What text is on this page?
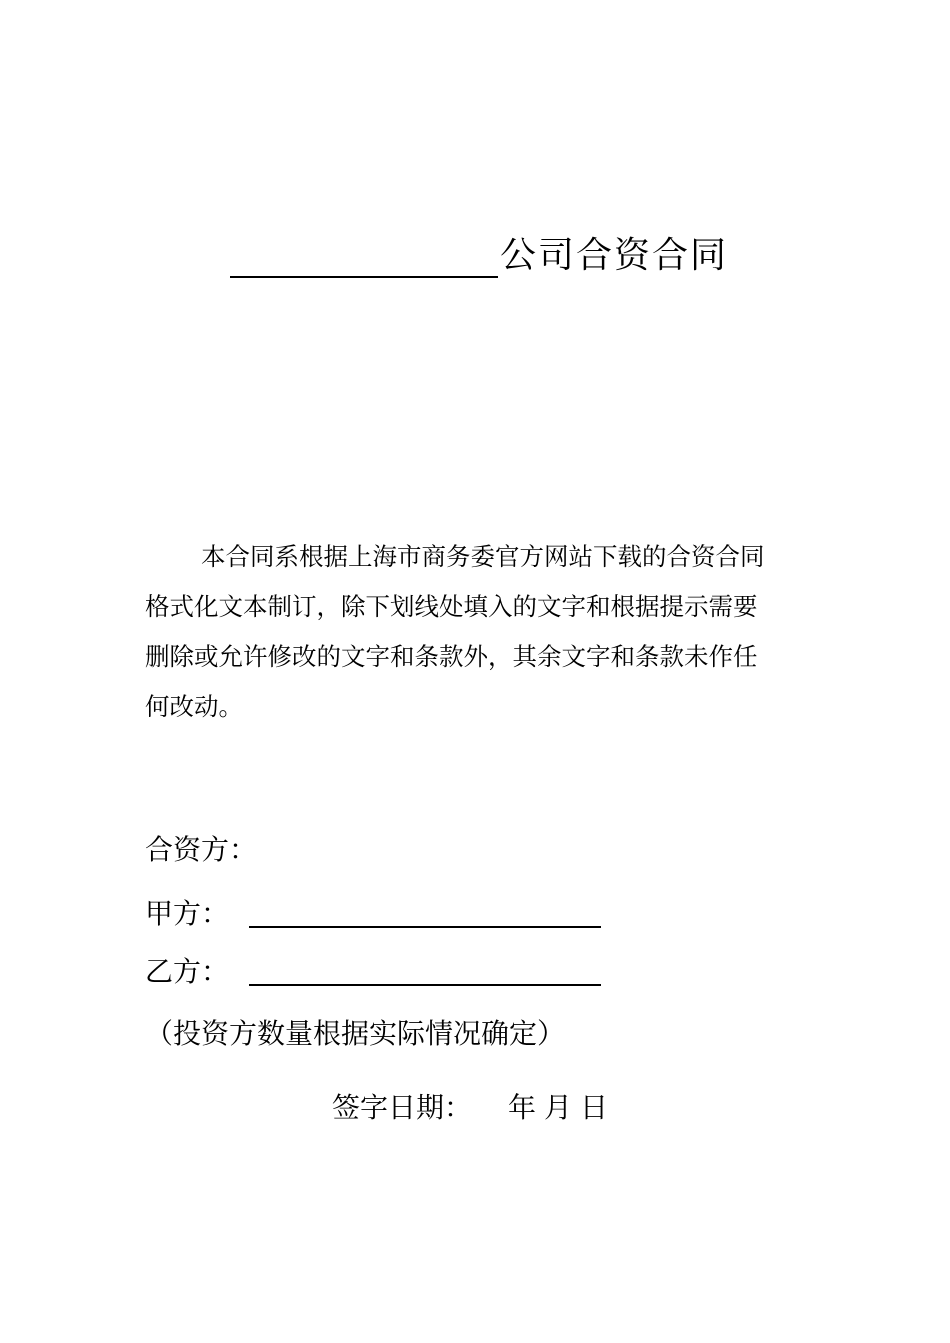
公司合资合同

本合同系根据上海市商务委官方网站下载的合资合同格式化文本制订，除下划线处填入的文字和根据提示需要删除或允许修改的文字和条款外，其余文字和条款未作任何改动。

合资方：
甲方：
乙方：
（投资方数量根据实际情况确定）
签字日期： 年 月 日
